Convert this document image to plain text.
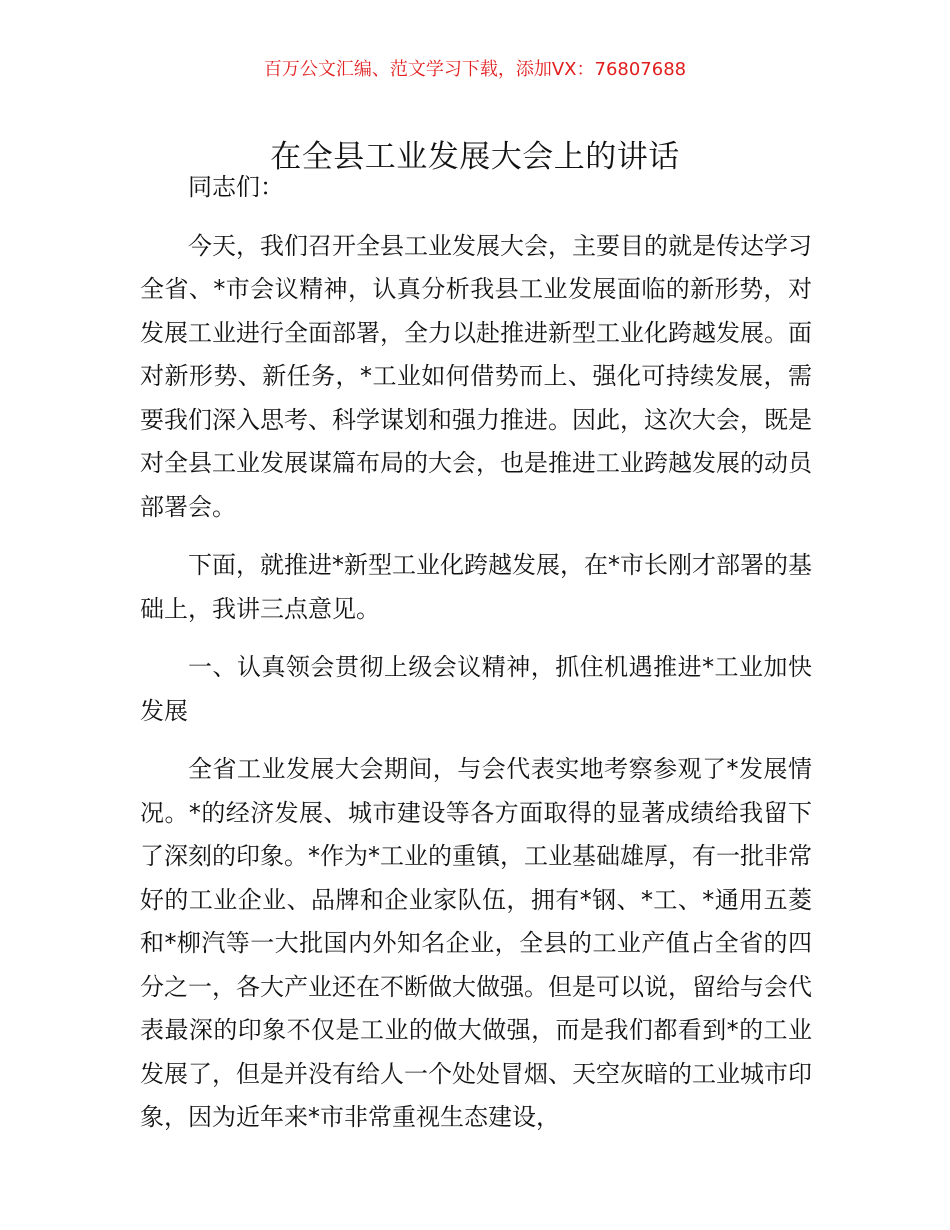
百万公文汇编、范文学习下载，添加VX：76807688
在全县工业发展大会上的讲话

同志们：

今天，我们召开全县工业发展大会，主要目的就是传达学习全省、*市会议精神，认真分析我县工业发展面临的新形势，对发展工业进行全面部署，全力以赴推进新型工业化跨越发展。面对新形势、新任务，*工业如何借势而上、强化可持续发展，需要我们深入思考、科学谋划和强力推进。因此，这次大会，既是对全县工业发展谋篇布局的大会，也是推进工业跨越发展的动员部署会。

下面，就推进*新型工业化跨越发展，在*市长刚才部署的基础上，我讲三点意见。

一、认真领会贯彻上级会议精神，抓住机遇推进*工业加快发展

全省工业发展大会期间，与会代表实地考察参观了*发展情况。*的经济发展、城市建设等各方面取得的显著成绩给我留下了深刻的印象。*作为*工业的重镇，工业基础雄厚，有一批非常好的工业企业、品牌和企业家队伍，拥有*钢、*工、*通用五菱和*柳汽等一大批国内外知名企业，全县的工业产值占全省的四分之一，各大产业还在不断做大做强。但是可以说，留给与会代表最深的印象不仅是工业的做大做强，而是我们都看到*的工业发展了，但是并没有给人一个处处冒烟、天空灰暗的工业城市印象，因为近年来*市非常重视生态建设，
